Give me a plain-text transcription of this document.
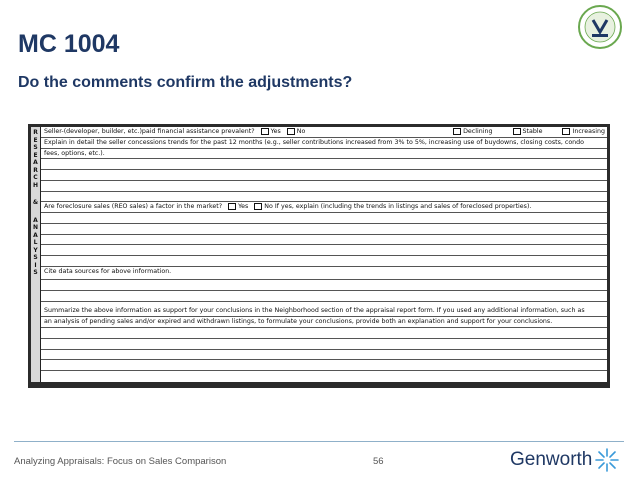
MC 1004
Do the comments confirm the adjustments?
R
E
S
E
A
R
C
H
&
A
N
A
L
Y
S
I
S
Seller-(developer, builder, etc.)paid financial assistance prevalent?	Yes	No	Declining	Stable	Increasing
Explain in detail the seller concessions trends for the past 12 months (e.g., seller contributions increased from 3% to 5%, increasing use of buydowns, closing costs, condo
fees, options, etc.).
Are foreclosure sales (REO sales) a factor in the market?	Yes	No If yes, explain (including the trends in listings and sales of foreclosed properties).
Cite data sources for above information.
Summarize the above information as support for your conclusions in the Neighborhood section of the appraisal report form. If you used any additional information, such as
an analysis of pending sales and/or expired and withdrawn listings, to formulate your conclusions, provide both an explanation and support for your conclusions.
Analyzing Appraisals: Focus on Sales Comparison	56	Genworth
